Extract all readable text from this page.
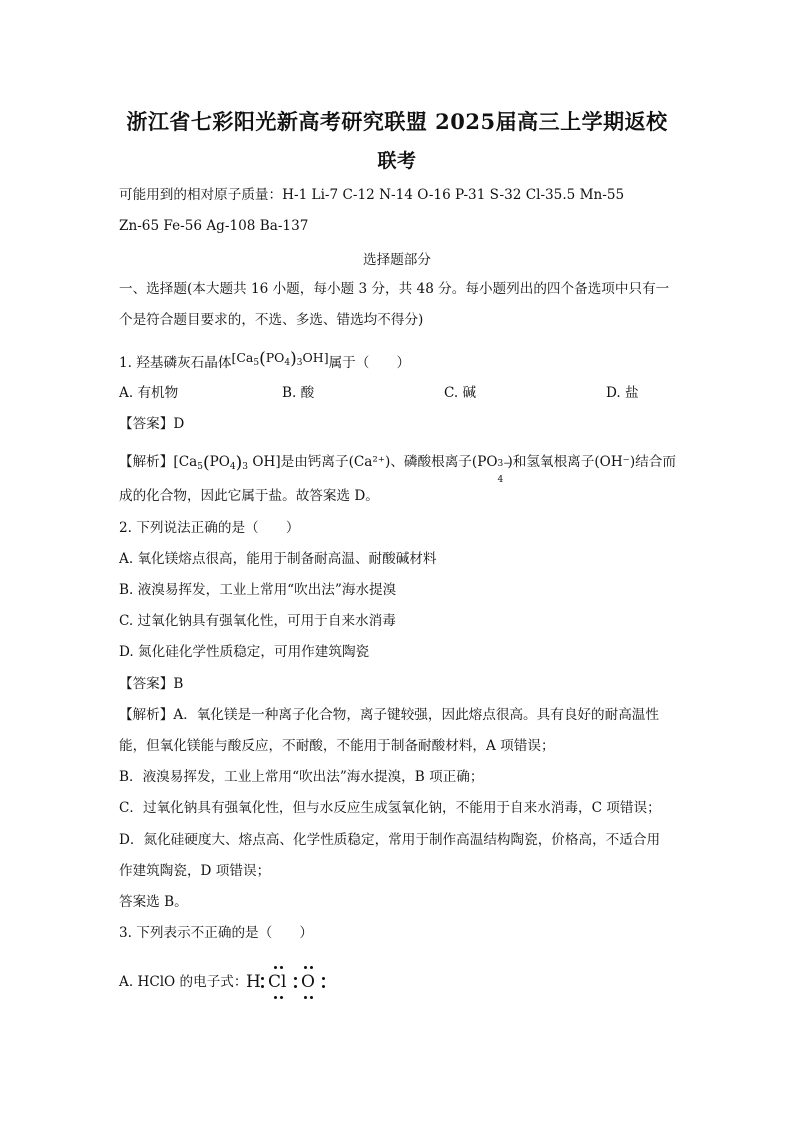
浙江省七彩阳光新高考研究联盟 2025届高三上学期返校
联考
可能用到的相对原子质量：H-1 Li-7 C-12 N-14 O-16 P-31 S-32 Cl-35.5 Mn-55
Zn-65 Fe-56 Ag-108 Ba-137
选择题部分
一、选择题(本大题共 16 小题，每小题 3 分，共 48 分。每小题列出的四个备选项中只有一
个是符合题目要求的，不选、多选、错选均不得分)
1. 羟基磷灰石晶体$[Ca_5(PO_4)_3OH]$属于（　　）
A. 有机物	B. 酸	C. 碱	D. 盐
【答案】D
【解析】[$Ca_5(PO_4)_3$ OH]是由钙离子(Ca²⁺)、磷酸根离子(PO 3−
4
)和氢氧根离子(OH⁻)结合而
成的化合物，因此它属于盐。故答案选 D。
2. 下列说法正确的是（　　）
A. 氧化镁熔点很高，能用于制备耐高温、耐酸碱材料
B. 液溴易挥发，工业上常用“吹出法”海水提溴
C. 过氧化钠具有强氧化性，可用于自来水消毒
D. 氮化硅化学性质稳定，可用作建筑陶瓷
【答案】B
【解析】A．氧化镁是一种离子化合物，离子键较强，因此熔点很高。具有良好的耐高温性
能，但氧化镁能与酸反应，不耐酸，不能用于制备耐酸材料，A 项错误；
B．液溴易挥发，工业上常用“吹出法”海水提溴，B 项正确；
C．过氧化钠具有强氧化性，但与水反应生成氢氧化钠，不能用于自来水消毒，C 项错误；
D．氮化硅硬度大、熔点高、化学性质稳定，常用于制作高温结构陶瓷，价格高，不适合用
作建筑陶瓷，D 项错误；
答案选 B。
3. 下列表示不正确的是（　　）
A. HClO 的电子式：
H Cl O
